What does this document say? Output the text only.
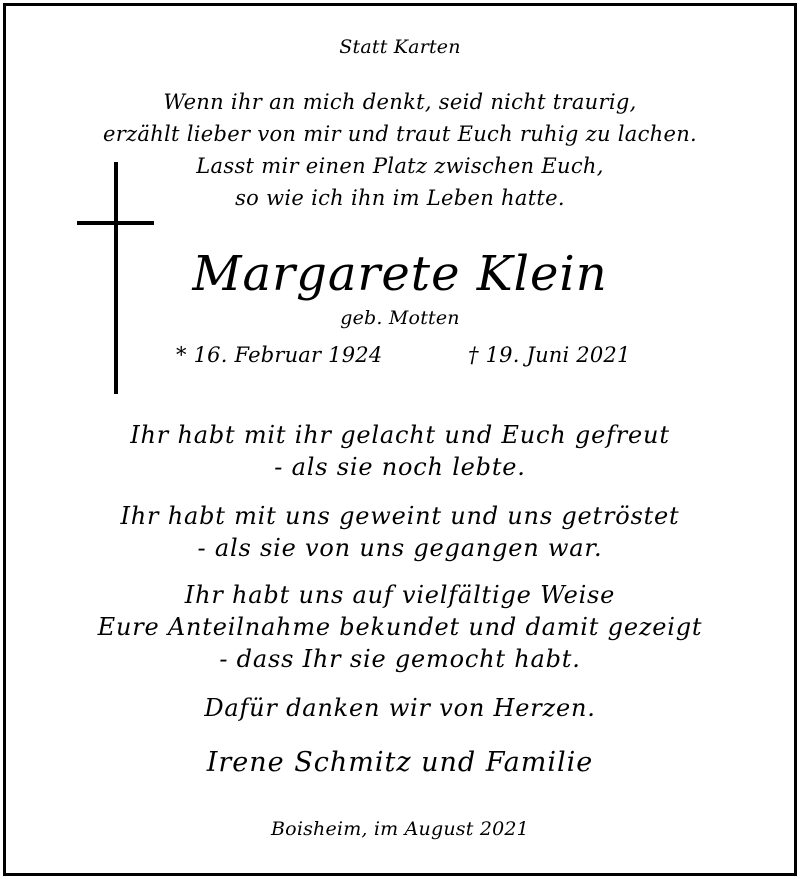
Statt Karten
Wenn ihr an mich denkt, seid nicht traurig,
erzählt lieber von mir und traut Euch ruhig zu lachen.
Lasst mir einen Platz zwischen Euch,
so wie ich ihn im Leben hatte.
Margarete Klein
geb. Motten
* 16. Februar 1924	† 19. Juni 2021
Ihr habt mit ihr gelacht und Euch gefreut
- als sie noch lebte.
Ihr habt mit uns geweint und uns getröstet
- als sie von uns gegangen war.
Ihr habt uns auf vielfältige Weise
Eure Anteilnahme bekundet und damit gezeigt
- dass Ihr sie gemocht habt.
Dafür danken wir von Herzen.
Irene Schmitz und Familie
Boisheim, im August 2021
